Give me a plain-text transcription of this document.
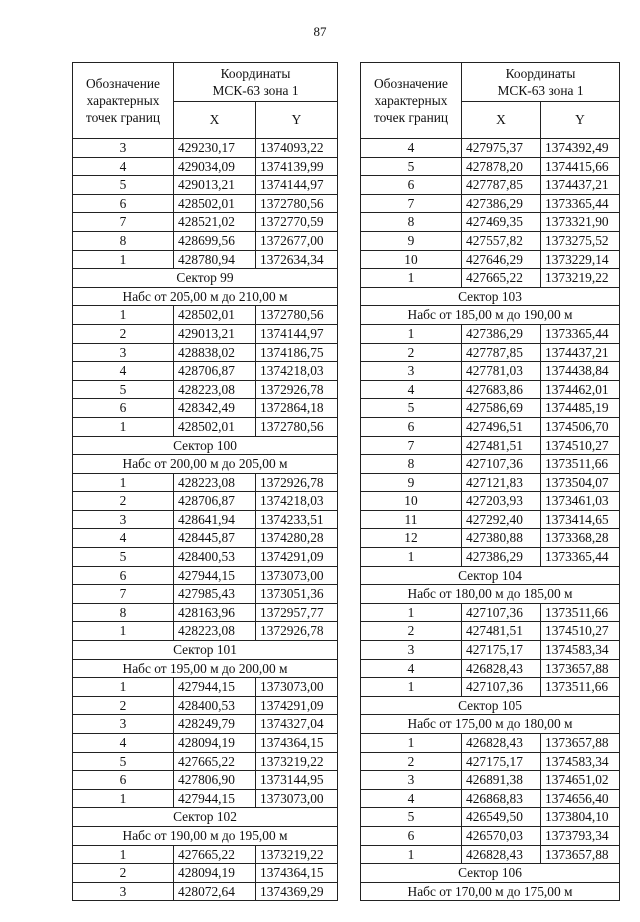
87
Обозначение характерных точек границ	Координаты
МСК-63 зона 1	
	X	Y
3	429230,17	1374093,22
4	429034,09	1374139,99
5	429013,21	1374144,97
6	428502,01	1372780,56
7	428521,02	1372770,59
8	428699,56	1372677,00
1	428780,94	1372634,34
Сектор 99		
Набс от 205,00 м до 210,00 м		
1	428502,01	1372780,56
2	429013,21	1374144,97
3	428838,02	1374186,75
4	428706,87	1374218,03
5	428223,08	1372926,78
6	428342,49	1372864,18
1	428502,01	1372780,56
Сектор 100		
Набс от 200,00 м до 205,00 м		
1	428223,08	1372926,78
2	428706,87	1374218,03
3	428641,94	1374233,51
4	428445,87	1374280,28
5	428400,53	1374291,09
6	427944,15	1373073,00
7	427985,43	1373051,36
8	428163,96	1372957,77
1	428223,08	1372926,78
Сектор 101		
Набс от 195,00 м до 200,00 м		
1	427944,15	1373073,00
2	428400,53	1374291,09
3	428249,79	1374327,04
4	428094,19	1374364,15
5	427665,22	1373219,22
6	427806,90	1373144,95
1	427944,15	1373073,00
Сектор 102		
Набс от 190,00 м до 195,00 м		
1	427665,22	1373219,22
2	428094,19	1374364,15
3	428072,64	1374369,29
Обозначение характерных точек границ	Координаты
МСК-63 зона 1	
	X	Y
4	427975,37	1374392,49
5	427878,20	1374415,66
6	427787,85	1374437,21
7	427386,29	1373365,44
8	427469,35	1373321,90
9	427557,82	1373275,52
10	427646,29	1373229,14
1	427665,22	1373219,22
Сектор 103		
Набс от 185,00 м до 190,00 м		
1	427386,29	1373365,44
2	427787,85	1374437,21
3	427781,03	1374438,84
4	427683,86	1374462,01
5	427586,69	1374485,19
6	427496,51	1374506,70
7	427481,51	1374510,27
8	427107,36	1373511,66
9	427121,83	1373504,07
10	427203,93	1373461,03
11	427292,40	1373414,65
12	427380,88	1373368,28
1	427386,29	1373365,44
Сектор 104		
Набс от 180,00 м до 185,00 м		
1	427107,36	1373511,66
2	427481,51	1374510,27
3	427175,17	1374583,34
4	426828,43	1373657,88
1	427107,36	1373511,66
Сектор 105		
Набс от 175,00 м до 180,00 м		
1	426828,43	1373657,88
2	427175,17	1374583,34
3	426891,38	1374651,02
4	426868,83	1374656,40
5	426549,50	1373804,10
6	426570,03	1373793,34
1	426828,43	1373657,88
Сектор 106		
Набс от 170,00 м до 175,00 м		
